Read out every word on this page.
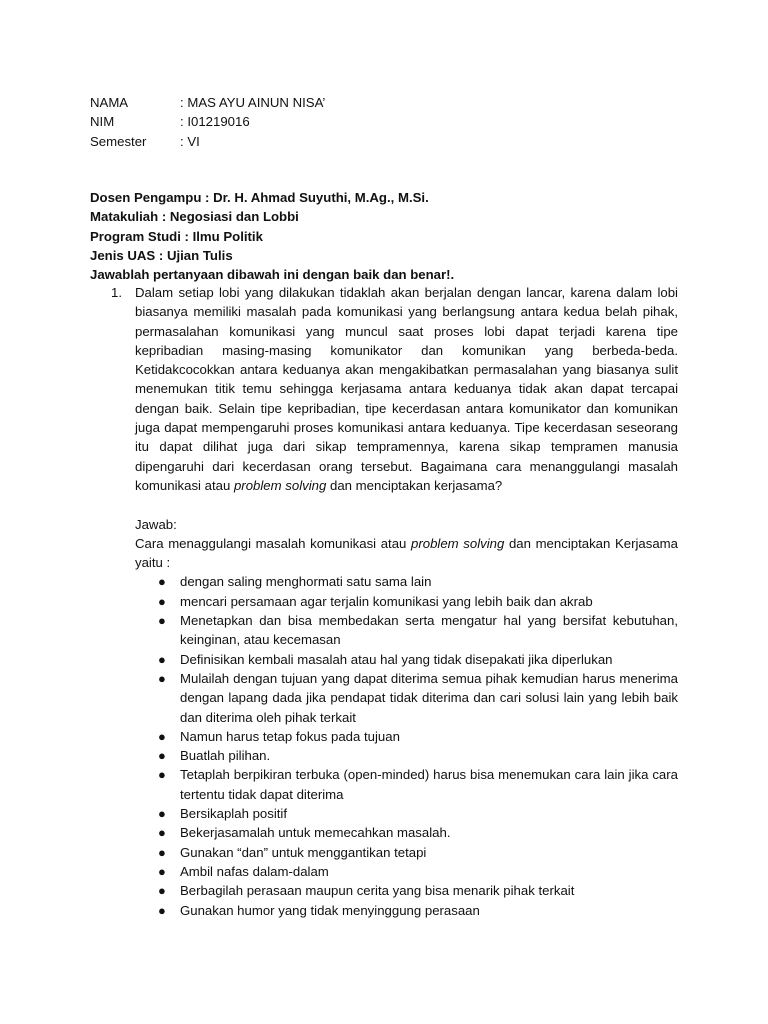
NAMA	: MAS AYU AINUN NISA’
NIM	: I01219016
Semester	: VI
Dosen Pengampu : Dr. H. Ahmad Suyuthi, M.Ag., M.Si.
Matakuliah : Negosiasi dan Lobbi
Program Studi : Ilmu Politik
Jenis UAS : Ujian Tulis
Jawablah pertanyaan dibawah ini dengan baik dan benar!.
1. Dalam setiap lobi yang dilakukan tidaklah akan berjalan dengan lancar, karena dalam lobi biasanya memiliki masalah pada komunikasi yang berlangsung antara kedua belah pihak, permasalahan komunikasi yang muncul saat proses lobi dapat terjadi karena tipe kepribadian masing-masing komunikator dan komunikan yang berbeda-beda. Ketidakcocokkan antara keduanya akan mengakibatkan permasalahan yang biasanya sulit menemukan titik temu sehingga kerjasama antara keduanya tidak akan dapat tercapai dengan baik. Selain tipe kepribadian, tipe kecerdasan antara komunikator dan komunikan juga dapat mempengaruhi proses komunikasi antara keduanya. Tipe kecerdasan seseorang itu dapat dilihat juga dari sikap tempramennya, karena sikap tempramen manusia dipengaruhi dari kecerdasan orang tersebut. Bagaimana cara menanggulangi masalah komunikasi atau problem solving dan menciptakan kerjasama?

Jawab:

Cara menaggulangi masalah komunikasi atau problem solving dan menciptakan Kerjasama yaitu :

● dengan saling menghormati satu sama lain
● mencari persamaan agar terjalin komunikasi yang lebih baik dan akrab
● Menetapkan dan bisa membedakan serta mengatur hal yang bersifat kebutuhan, keinginan, atau kecemasan
● Definisikan kembali masalah atau hal yang tidak disepakati jika diperlukan
● Mulailah dengan tujuan yang dapat diterima semua pihak kemudian harus menerima dengan lapang dada jika pendapat tidak diterima dan cari solusi lain yang lebih baik dan diterima oleh pihak terkait
● Namun harus tetap fokus pada tujuan
● Buatlah pilihan.
● Tetaplah berpikiran terbuka (open-minded) harus bisa menemukan cara lain jika cara tertentu tidak dapat diterima
● Bersikaplah positif
● Bekerjasamalah untuk memecahkan masalah.
● Gunakan “dan” untuk menggantikan tetapi
● Ambil nafas dalam-dalam
● Berbagilah perasaan maupun cerita yang bisa menarik pihak terkait
● Gunakan humor yang tidak menyinggung perasaan
